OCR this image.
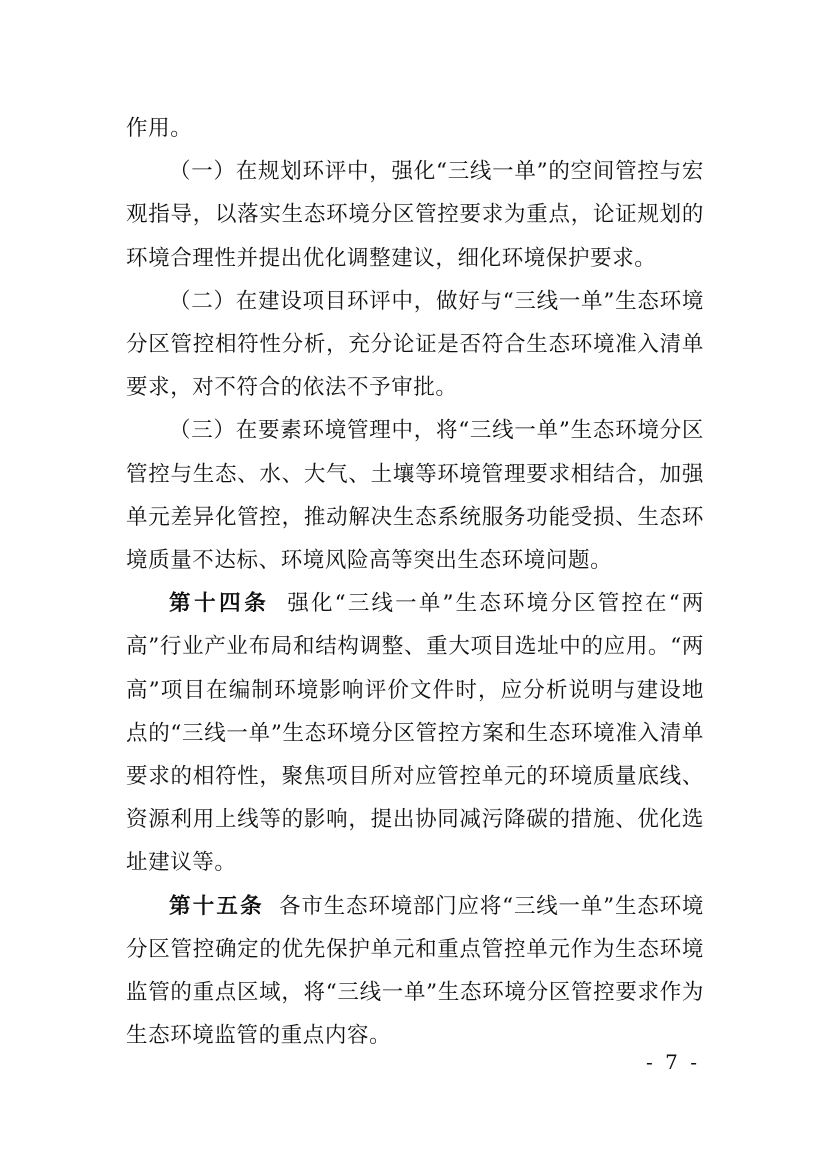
作用。

（一）在规划环评中，强化“三线一单”的空间管控与宏观指导，以落实生态环境分区管控要求为重点，论证规划的环境合理性并提出优化调整建议，细化环境保护要求。

（二）在建设项目环评中，做好与“三线一单”生态环境分区管控相符性分析，充分论证是否符合生态环境准入清单要求，对不符合的依法不予审批。

（三）在要素环境管理中，将“三线一单”生态环境分区管控与生态、水、大气、土壤等环境管理要求相结合，加强单元差异化管控，推动解决生态系统服务功能受损、生态环境质量不达标、环境风险高等突出生态环境问题。

第十四条 强化“三线一单”生态环境分区管控在“两高”行业产业布局和结构调整、重大项目选址中的应用。“两高”项目在编制环境影响评价文件时，应分析说明与建设地点的“三线一单”生态环境分区管控方案和生态环境准入清单要求的相符性，聚焦项目所对应管控单元的环境质量底线、资源利用上线等的影响，提出协同减污降碳的措施、优化选址建议等。

第十五条 各市生态环境部门应将“三线一单”生态环境分区管控确定的优先保护单元和重点管控单元作为生态环境监管的重点区域，将“三线一单”生态环境分区管控要求作为生态环境监管的重点内容。

- 7 -
